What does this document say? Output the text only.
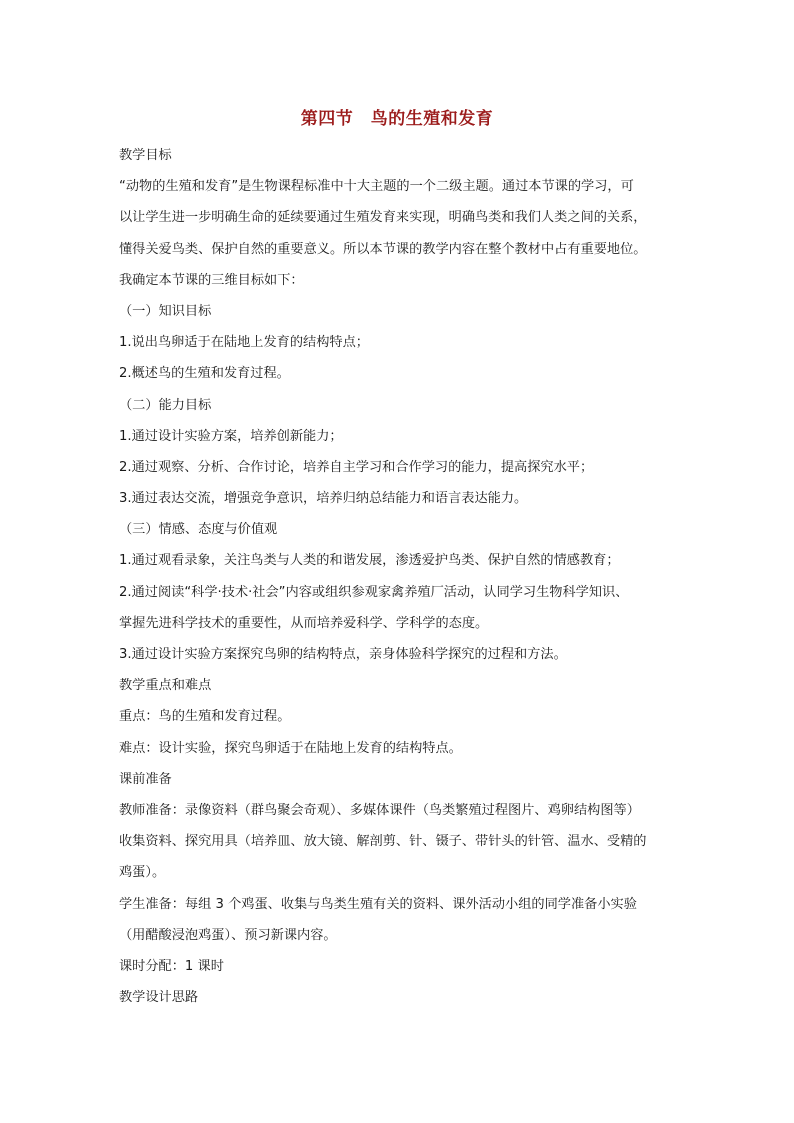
第四节　鸟的生殖和发育
教学目标
“动物的生殖和发育”是生物课程标准中十大主题的一个二级主题。通过本节课的学习，可
以让学生进一步明确生命的延续要通过生殖发育来实现，明确鸟类和我们人类之间的关系，
懂得关爱鸟类、保护自然的重要意义。所以本节课的教学内容在整个教材中占有重要地位。
我确定本节课的三维目标如下：
（一）知识目标
1.说出鸟卵适于在陆地上发育的结构特点；
2.概述鸟的生殖和发育过程。
（二）能力目标
1.通过设计实验方案，培养创新能力；
2.通过观察、分析、合作讨论，培养自主学习和合作学习的能力，提高探究水平；
3.通过表达交流，增强竞争意识，培养归纳总结能力和语言表达能力。
（三）情感、态度与价值观
1.通过观看录象，关注鸟类与人类的和谐发展，渗透爱护鸟类、保护自然的情感教育；
2.通过阅读“科学·技术·社会”内容或组织参观家禽养殖厂活动，认同学习生物科学知识、
掌握先进科学技术的重要性，从而培养爱科学、学科学的态度。
3.通过设计实验方案探究鸟卵的结构特点，亲身体验科学探究的过程和方法。
教学重点和难点
重点：鸟的生殖和发育过程。
难点：设计实验，探究鸟卵适于在陆地上发育的结构特点。
课前准备
教师准备：录像资料（群鸟聚会奇观）、多媒体课件（鸟类繁殖过程图片、鸡卵结构图等）
收集资料、探究用具（培养皿、放大镜、解剖剪、针、镊子、带针头的针管、温水、受精的
鸡蛋）。
学生准备：每组 3 个鸡蛋、收集与鸟类生殖有关的资料、课外活动小组的同学准备小实验
（用醋酸浸泡鸡蛋）、预习新课内容。
课时分配：1 课时
教学设计思路
